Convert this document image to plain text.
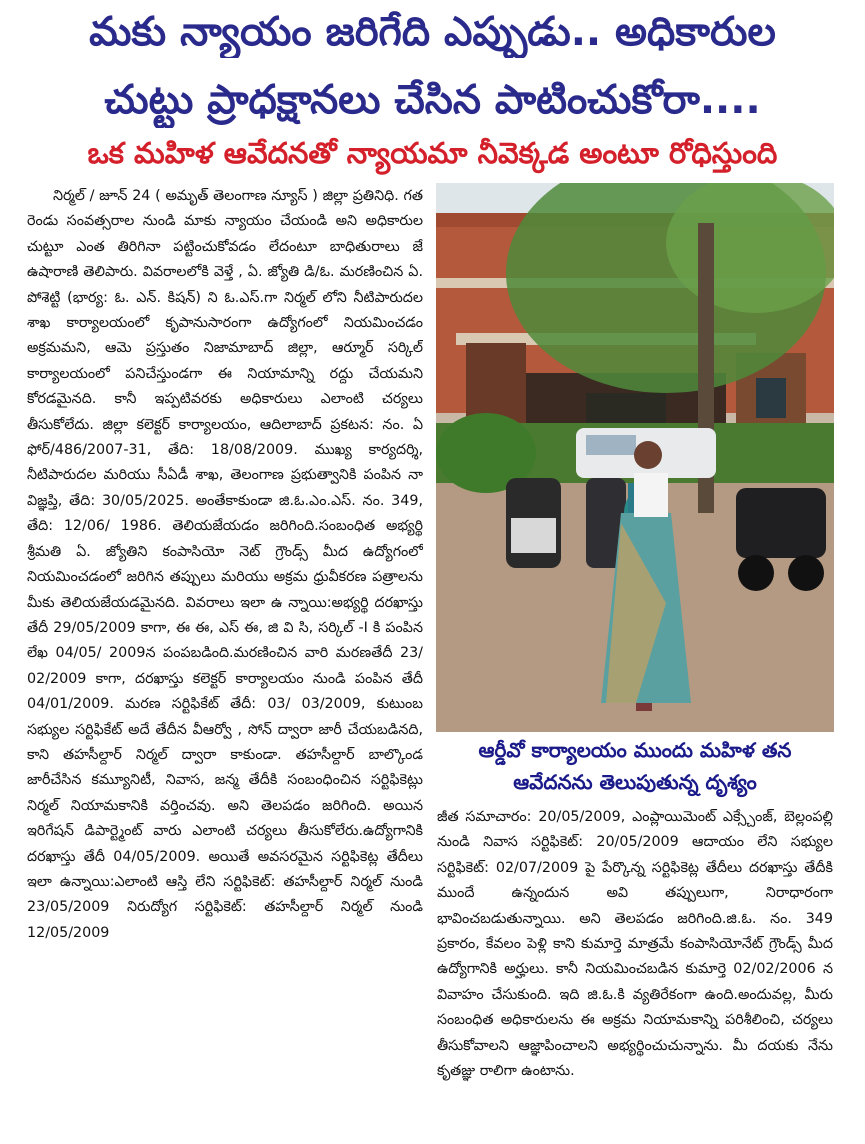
మకు న్యాయం జరిగేది ఎప్పుడు.. అధికారుల
చుట్టు ప్రాధక్షానలు చేసిన పాటించుకోరా....
ఒక మహిళ ఆవేదనతో న్యాయమా నీవెక్కడ అంటూ రోధిస్తుంది

నిర్మల్ / జూన్ 24 ( అమృత్ తెలంగాణ న్యూస్ ) జిల్లా ప్రతినిధి. గత రెండు సంవత్సరాల నుండి మాకు న్యాయం చేయండి అని అధికారుల చుట్టూ ఎంత తిరిగినా పట్టించుకోవడం లేదంటూ బాధితురాలు జే ఉషారాణి తెలిపారు. వివరాలలోకి వెళ్తే , ఏ. జ్యోతి డి/ఓ. మరణించిన ఏ. పోశెట్టి (భార్య: ఓ. ఎన్. కిషన్) ని ఓ.ఎస్.గా నిర్మల్ లోని నీటిపారుదల శాఖ కార్యాలయంలో కృపానుసారంగా ఉద్యోగంలో నియమించడం అక్రమమని, ఆమె ప్రస్తుతం నిజామాబాద్ జిల్లా, ఆర్మూర్ సర్కిల్ కార్యాలయంలో పనిచేస్తుండగా ఈ నియామాన్ని రద్దు చేయమని కోరడమైనది. కానీ ఇప్పటివరకు అధికారులు ఎలాంటి చర్యలు తీసుకోలేదు. జిల్లా కలెక్టర్ కార్యాలయం, ఆదిలాబాద్ ప్రకటన: నం. ఏ ఫోర్/486/2007-31, తేది: 18/08/2009. ముఖ్య కార్యదర్శి, నీటిపారుదల మరియు సీఏడీ శాఖ, తెలంగాణ ప్రభుత్వానికి పంపిన నా విజ్ఞప్తి, తేది: 30/05/2025. అంతేకాకుండా జి.ఓ.ఎం.ఎస్. నం. 349, తేది: 12/06/ 1986. తెలియజేయడం జరిగింది.సంబంధిత అభ్యర్థి శ్రీమతి ఏ. జ్యోతిని కంపాసియో నెట్ గ్రౌండ్స్ మీద ఉద్యోగంలో నియమించడంలో జరిగిన తప్పులు మరియు అక్రమ ధ్రువీకరణ పత్రాలను మీకు తెలియజేయడమైనది. వివరాలు ఇలా ఉ న్నాయి:అభ్యర్థి దరఖాస్తు తేదీ 29/05/2009 కాగా, ఈ ఈ, ఎస్ ఈ, జి వి సి, సర్కిల్ -I కి పంపిన లేఖ 04/05/ 2009న పంపబడింది.మరణించిన వారి మరణతేదీ 23/ 02/2009 కాగా, దరఖాస్తు కలెక్టర్ కార్యాలయం నుండి పంపిన తేదీ 04/01/2009. మరణ సర్టిఫికేట్ తేదీ: 03/ 03/2009, కుటుంబ సభ్యుల సర్టిఫికేట్ అదే తేదీన వీఆర్వో , సోన్ ద్వారా జారీ చేయబడినది, కాని తహసీల్దార్ నిర్మల్ ద్వారా కాకుండా. తహసీల్దార్ బాల్కొండ జారీచేసిన కమ్యూనిటీ, నివాస, జన్మ తేదీకి సంబంధించిన సర్టిఫికెట్లు నిర్మల్ నియామకానికి వర్తించవు. అని తెలపడం జరిగింది. అయిన ఇరిగేషన్ డిపార్ట్మెంట్ వారు ఎలాంటి చర్యలు తీసుకోలేరు.ఉద్యోగానికి దరఖాస్తు తేదీ 04/05/2009. అయితే అవసరమైన సర్టిఫికెట్ల తేదీలు ఇలా ఉన్నాయి:ఎలాంటి ఆస్తి లేని సర్టిఫికెట్: తహసీల్దార్ నిర్మల్ నుండి 23/05/2009 నిరుద్యోగ సర్టిఫికెట్: తహసీల్దార్ నిర్మల్ నుండి 12/05/2009

ఆర్డీవో కార్యాలయం ముందు మహిళ తన ఆవేదనను తెలుపుతున్న దృశ్యం

జీత సమాచారం: 20/05/2009, ఎంప్లాయిమెంట్ ఎక్స్చేంజ్, బెల్లంపల్లి నుండి నివాస సర్టిఫికెట్: 20/05/2009 ఆదాయం లేని సభ్యుల సర్టిఫికెట్: 02/07/2009 పై పేర్కొన్న సర్టిఫికెట్ల తేదీలు దరఖాస్తు తేదీకి ముందే ఉన్నందున అవి తప్పులుగా, నిరాధారంగా భావించబడుతున్నాయి. అని తెలపడం జరిగింది.జి.ఓ. నం. 349 ప్రకారం, కేవలం పెళ్లి కాని కుమార్తె మాత్రమే కంపాసియోనేట్ గ్రౌండ్స్ మీద ఉద్యోగానికి అర్హులు. కానీ నియమించబడిన కుమార్తె 02/02/2006 న వివాహం చేసుకుంది. ఇది జి.ఓ.కి వ్యతిరేకంగా ఉంది.అందువల్ల, మీరు సంబంధిత అధికారులను ఈ అక్రమ నియామకాన్ని పరిశీలించి, చర్యలు తీసుకోవాలని ఆజ్ఞాపించాలని అభ్యర్థించుచున్నాను. మీ దయకు నేను కృతజ్ఞు రాలిగా ఉంటాను.
